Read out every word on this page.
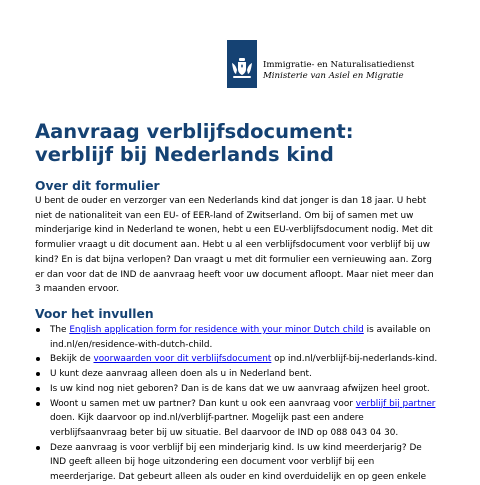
Immigratie- en Naturalisatiedienst
Ministerie van Asiel en Migratie
Aanvraag verblijfsdocument:
verblijf bij Nederlands kind
Over dit formulier

U bent de ouder en verzorger van een Nederlands kind dat jonger is dan 18 jaar. U hebt
niet de nationaliteit van een EU- of EER-land of Zwitserland. Om bij of samen met uw
minderjarige kind in Nederland te wonen, hebt u een EU-verblijfsdocument nodig. Met dit
formulier vraagt u dit document aan. Hebt u al een verblijfsdocument voor verblijf bij uw
kind? En is dat bijna verlopen? Dan vraagt u met dit formulier een vernieuwing aan. Zorg
er dan voor dat de IND de aanvraag heeft voor uw document afloopt. Maar niet meer dan
3 maanden ervoor.

Voor het invullen
The English application form for residence with your minor Dutch child is available on
ind.nl/en/residence-with-dutch-child.
Bekijk de voorwaarden voor dit verblijfsdocument op ind.nl/verblijf-bij-nederlands-kind.
U kunt deze aanvraag alleen doen als u in Nederland bent.
Is uw kind nog niet geboren? Dan is de kans dat we uw aanvraag afwijzen heel groot.
Woont u samen met uw partner? Dan kunt u ook een aanvraag voor verblijf bij partner
doen. Kijk daarvoor op ind.nl/verblijf-partner. Mogelijk past een andere
verblijfsaanvraag beter bij uw situatie. Bel daarvoor de IND op 088 043 04 30.
Deze aanvraag is voor verblijf bij een minderjarig kind. Is uw kind meerderjarig? De
IND geeft alleen bij hoge uitzondering een document voor verblijf bij een
meerderjarige. Dat gebeurt alleen als ouder en kind overduidelijk en op geen enkele
